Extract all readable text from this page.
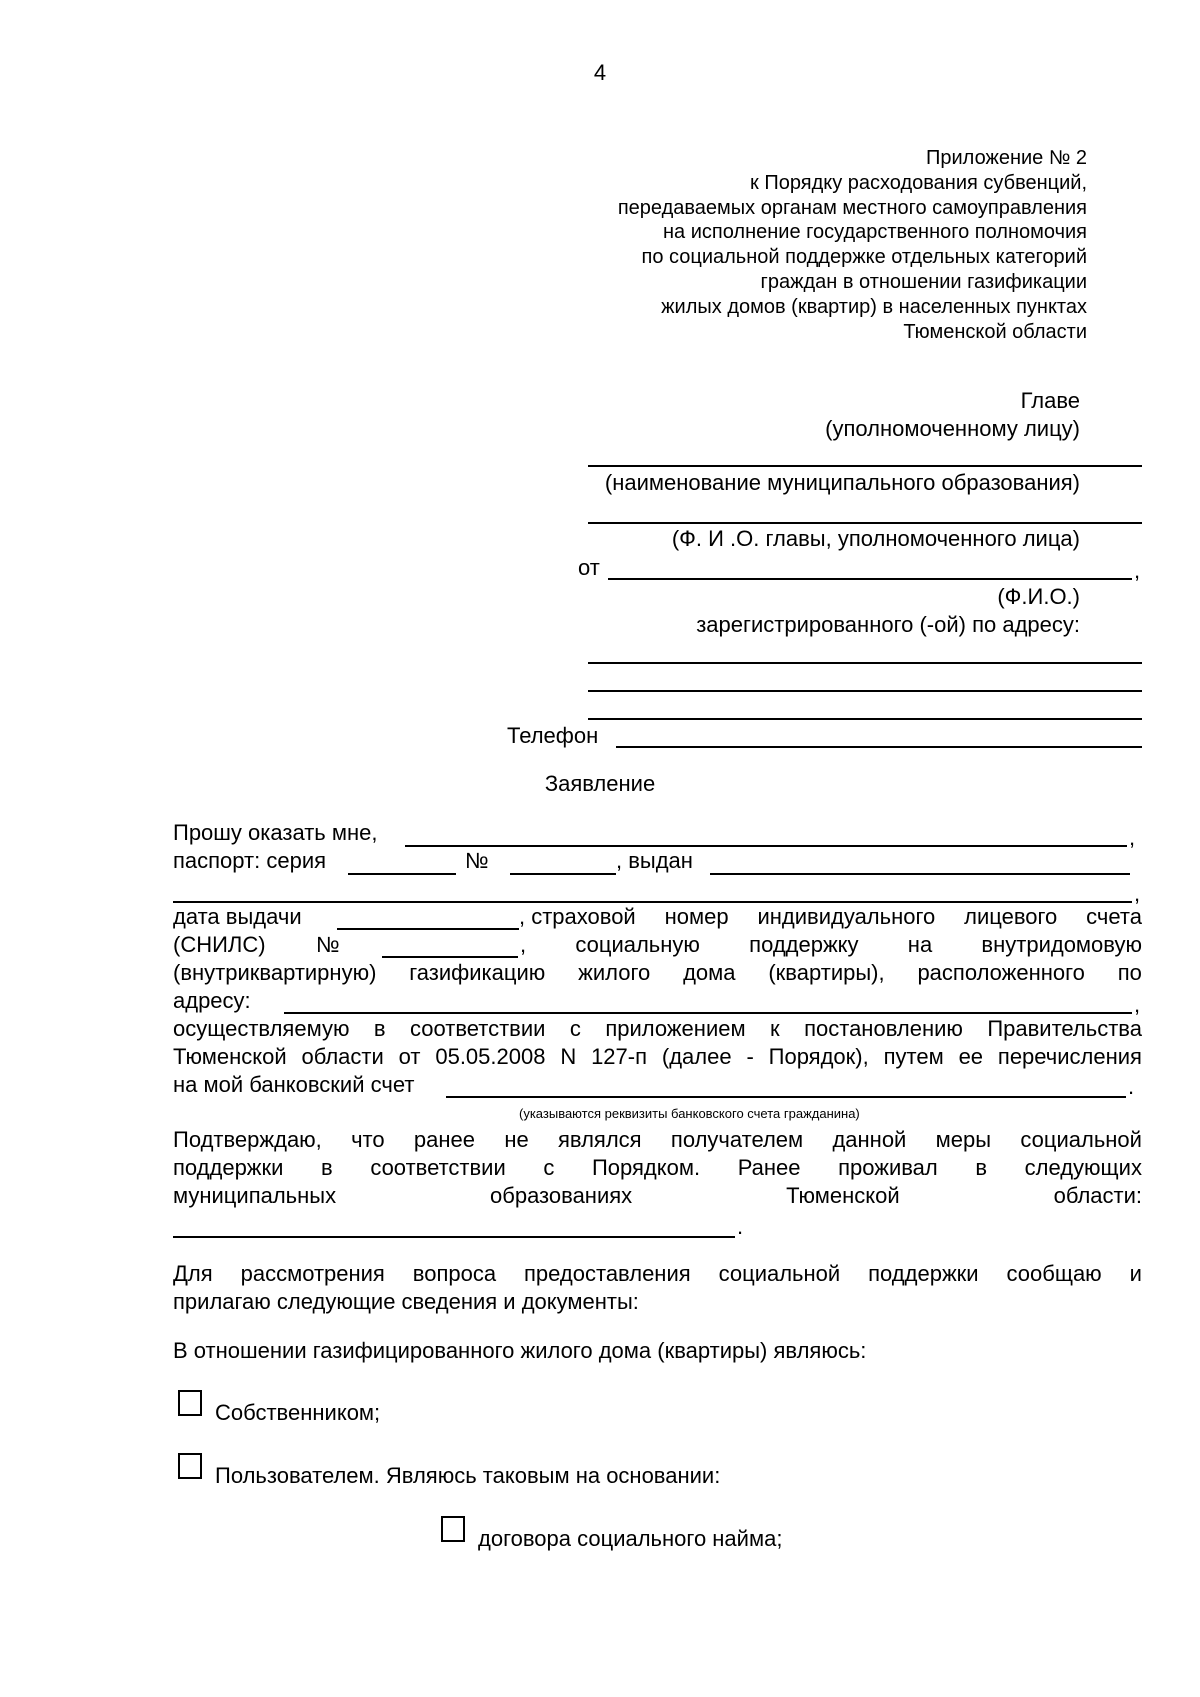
4
Приложение № 2
к Порядку расходования субвенций,
передаваемых органам местного самоуправления
на исполнение государственного полномочия
по социальной поддержке отдельных категорий
граждан в отношении газификации
жилых домов (квартир) в населенных пунктах
Тюменской области
Главе
(уполномоченному лицу)
(наименование муниципального образования)
(Ф. И .О. главы, уполномоченного лица)
от	,
(Ф.И.О.)
зарегистрированного (-ой) по адресу:
Телефон
Заявление
Прошу оказать мне,	,
паспорт: серия	№	, выдан
,
дата выдачи	, страховой номер индивидуального лицевого счета
(СНИЛС) №	, социальную поддержку на внутридомовую
(внутриквартирную) газификацию жилого дома (квартиры), расположенного по
адресу:	,
осуществляемую в соответствии с приложением к постановлению Правительства
Тюменской области от 05.05.2008 N 127-п (далее - Порядок), путем ее перечисления
на мой банковский счет	.
(указываются реквизиты банковского счета гражданина)
Подтверждаю, что ранее не являлся получателем данной меры социальной
поддержки в соответствии с Порядком. Ранее проживал в следующих
муниципальных	образованиях	Тюменской	области:
.
Для рассмотрения вопроса предоставления социальной поддержки сообщаю и
прилагаю следующие сведения и документы:
В отношении газифицированного жилого дома (квартиры) являюсь:
Собственником;
Пользователем. Являюсь таковым на основании:
договора социального найма;
